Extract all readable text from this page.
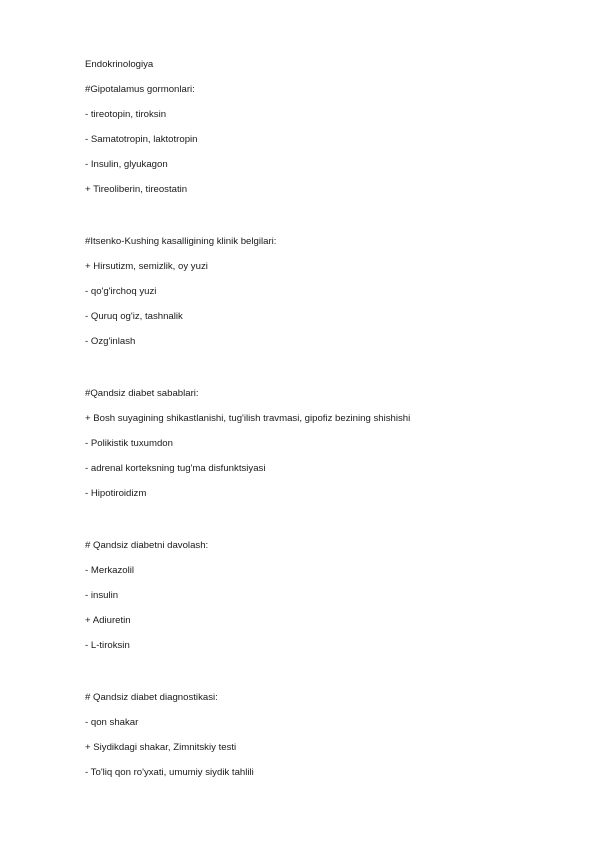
Endokrinologiya
#Gipotalamus gormonlari:
- tireotopin, tiroksin
- Samatotropin, laktotropin
- Insulin, glyukagon
+ Tireoliberin, tireostatin
#Itsenko-Kushing kasalligining klinik belgilari:
+ Hirsutizm, semizlik, oy yuzi
- qo'g'irchoq yuzi
- Quruq og'iz, tashnalik
- Ozg'inlash
#Qandsiz diabet sabablari:
+ Bosh suyagining shikastlanishi, tug'ilish travmasi, gipofiz bezining shishishi
- Polikistik tuxumdon
- adrenal korteksning tug'ma disfunktsiyasi
- Hipotiroidizm
# Qandsiz diabetni davolash:
- Merkazolil
- insulin
+ Adiuretin
- L-tiroksin
# Qandsiz diabet diagnostikasi:
- qon shakar
+ Siydikdagi shakar, Zimnitskiy testi
- To'liq qon ro'yxati, umumiy siydik tahlili
